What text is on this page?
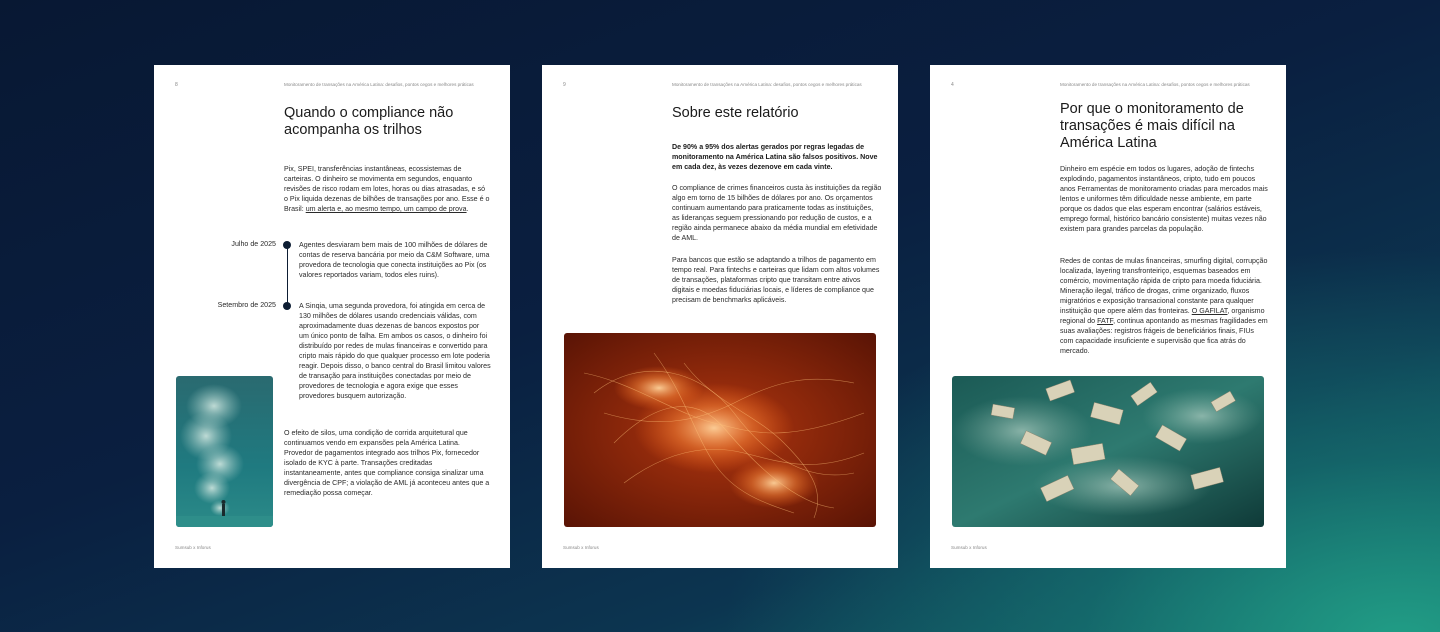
8	Monitoramento de transações na América Latina: desafios, pontos cegos e melhores práticas
Quando o compliance não acompanha os trilhos

Pix, SPEI, transferências instantâneas, ecossistemas de carteiras. O dinheiro se movimenta em segundos, enquanto revisões de risco rodam em lotes, horas ou dias atrasadas, e só o Pix liquida dezenas de bilhões de transações por ano. Esse é o Brasil: um alerta e, ao mesmo tempo, um campo de prova.

Julho de 2025	Agentes desviaram bem mais de 100 milhões de dólares de contas de reserva bancária por meio da C&M Software, uma provedora de tecnologia que conecta instituições ao Pix (os valores reportados variam, todos eles ruins).

Setembro de 2025	A Sinqia, uma segunda provedora, foi atingida em cerca de 130 milhões de dólares usando credenciais válidas, com aproximadamente duas dezenas de bancos expostos por um único ponto de falha. Em ambos os casos, o dinheiro foi distribuído por redes de mulas financeiras e convertido para cripto mais rápido do que qualquer processo em lote poderia reagir. Depois disso, o banco central do Brasil limitou valores de transação para instituições conectadas por meio de provedores de tecnologia e agora exige que esses provedores busquem autorização.

O efeito de silos, uma condição de corrida arquitetural que continuamos vendo em expansões pela América Latina. Provedor de pagamentos integrado aos trilhos Pix, fornecedor isolado de KYC à parte. Transações creditadas instantaneamente, antes que compliance consiga sinalizar uma divergência de CPF; a violação de AML já aconteceu antes que a remediação possa começar.

Sumsub x Inforus
9	Monitoramento de transações na América Latina: desafios, pontos cegos e melhores práticas
Sobre este relatório

De 90% a 95% dos alertas gerados por regras legadas de monitoramento na América Latina são falsos positivos. Nove em cada dez, às vezes dezenove em cada vinte.

O compliance de crimes financeiros custa às instituições da região algo em torno de 15 bilhões de dólares por ano. Os orçamentos continuam aumentando para praticamente todas as instituições, as lideranças seguem pressionando por redução de custos, e a região ainda permanece abaixo da média mundial em efetividade de AML.

Para bancos que estão se adaptando a trilhos de pagamento em tempo real. Para fintechs e carteiras que lidam com altos volumes de transações, plataformas cripto que transitam entre ativos digitais e moedas fiduciárias locais, e líderes de compliance que precisam de benchmarks aplicáveis.

Sumsub x Inforus
4	Monitoramento de transações na América Latina: desafios, pontos cegos e melhores práticas
Por que o monitoramento de transações é mais difícil na América Latina

Dinheiro em espécie em todos os lugares, adoção de fintechs explodindo, pagamentos instantâneos, cripto, tudo em poucos anos Ferramentas de monitoramento criadas para mercados mais lentos e uniformes têm dificuldade nesse ambiente, em parte porque os dados que elas esperam encontrar (salários estáveis, emprego formal, histórico bancário consistente) muitas vezes não existem para grandes parcelas da população.

Redes de contas de mulas financeiras, smurfing digital, corrupção localizada, layering transfronteiriço, esquemas baseados em comércio, movimentação rápida de cripto para moeda fiduciária. Mineração ilegal, tráfico de drogas, crime organizado, fluxos migratórios e exposição transacional constante para qualquer instituição que opere além das fronteiras. O GAFILAT, organismo regional do FATF, continua apontando as mesmas fragilidades em suas avaliações: registros frágeis de beneficiários finais, FIUs com capacidade insuficiente e supervisão que fica atrás do mercado.

Sumsub x Inforus
